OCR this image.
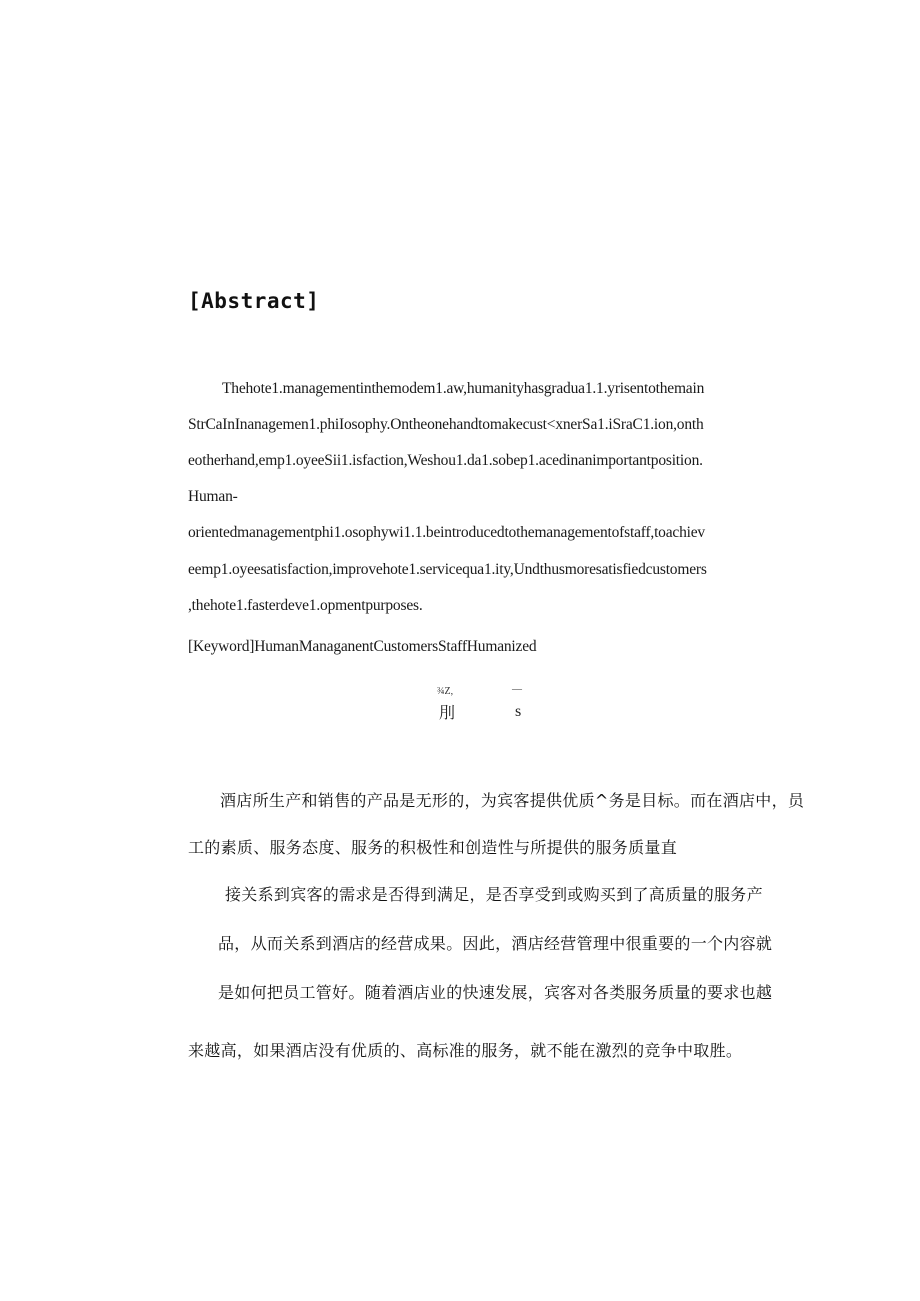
[Abstract]
Thehote1.managementinthemodem1.aw,humanityhasgradua1.1.yrisentothemain
StrCaInInanagemen1.phiIosophy.Ontheonehandtomakecust<xnerSa1.iSraC1.ion,onth
eotherhand,emp1.oyeeSii1.isfaction,Weshou1.da1.sobep1.acedinanimportantposition.
Human-
orientedmanagementphi1.osophywi1.1.beintroducedtothemanagementofstaff,toachiev
eemp1.oyeesatisfaction,improvehote1.servicequa1.ity,Undthusmoresatisfiedcustomers
,thehote1.fasterdeve1.opmentpurposes.
[Keyword]HumanManaganentCustomersStaffHumanized
¾Z,	—
刖	s
酒店所生产和销售的产品是无形的，为宾客提供优质^务是目标。而在酒店中，员
工的素质、服务态度、服务的积极性和创造性与所提供的服务质量直
接关系到宾客的需求是否得到满足，是否享受到或购买到了高质量的服务产
品，从而关系到酒店的经营成果。因此，酒店经营管理中很重要的一个内容就
是如何把员工管好。随着酒店业的快速发展，宾客对各类服务质量的要求也越
来越高，如果酒店没有优质的、高标准的服务，就不能在激烈的竞争中取胜。
